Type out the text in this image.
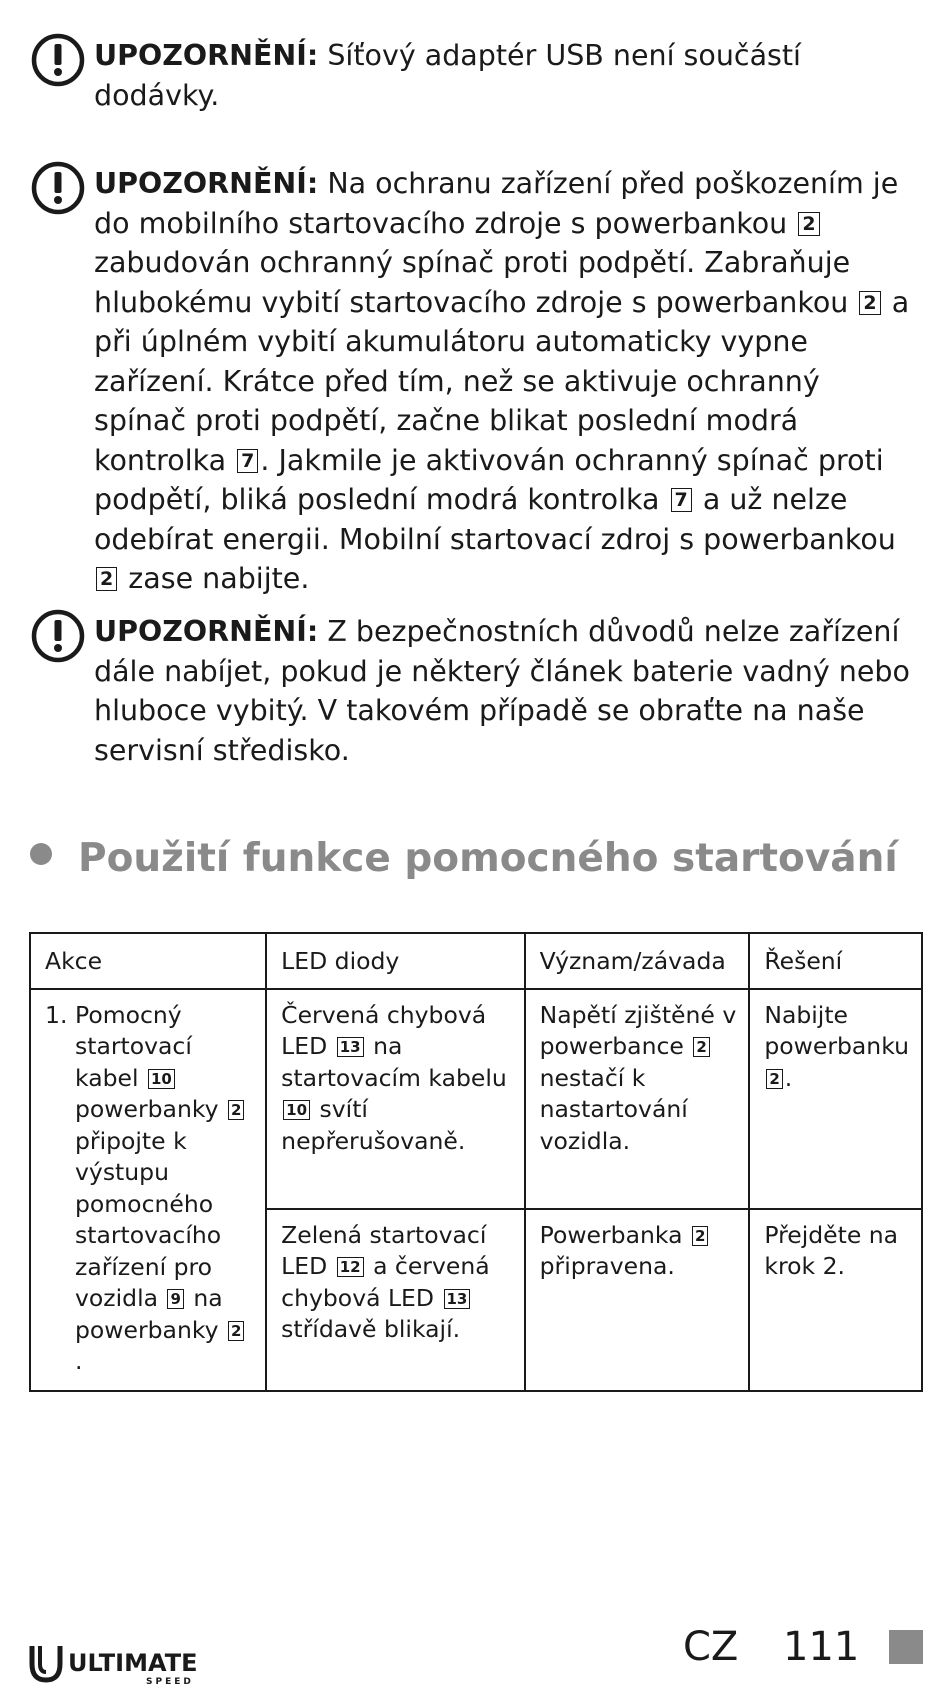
UPOZORNĚNÍ: Síťový adaptér USB není součástí dodávky.
UPOZORNĚNÍ: Na ochranu zařízení před poškozením je do mobilního startovacího zdroje s powerbankou 2 zabudován ochranný spínač proti podpětí. Zabraňuje hlubokému vybití startovacího zdroje s powerbankou 2 a při úplném vybití akumulátoru automaticky vypne zařízení. Krátce před tím, než se aktivuje ochranný spínač proti podpětí, začne blikat poslední modrá kontrolka 7 . Jakmile je aktivován ochranný spínač proti podpětí, bliká poslední modrá kontrolka 7 a už nelze odebírat energii. Mobilní startovací zdroj s powerbankou 2 zase nabijte.
UPOZORNĚNÍ: Z bezpečnostních důvodů nelze zařízení dále nabíjet, pokud je některý článek baterie vadný nebo hluboce vybitý. V takovém případě se obraťte na naše servisní středisko.
Použití funkce pomocného startování
Akce	LED diody	Význam/závada	Řešení

1. Pomocný startovací kabel 10 powerbanky 2 připojte k výstupu pomocného startovacího zařízení pro vozidla 9 na powerbanky 2.	Červená chybová LED 13 na startovacím kabelu 10 svítí nepřerušovaně.	Napětí zjištěné v powerbance 2 nestačí k nastartování vozidla.	Nabijte powerbanku 2 .
	Zelená startovací LED 12 a červená chybová LED 13 střídavě blikají.	Powerbanka 2 připravena.	Přejděte na krok 2.
ULTIMATE
SPEED
CZ 111
